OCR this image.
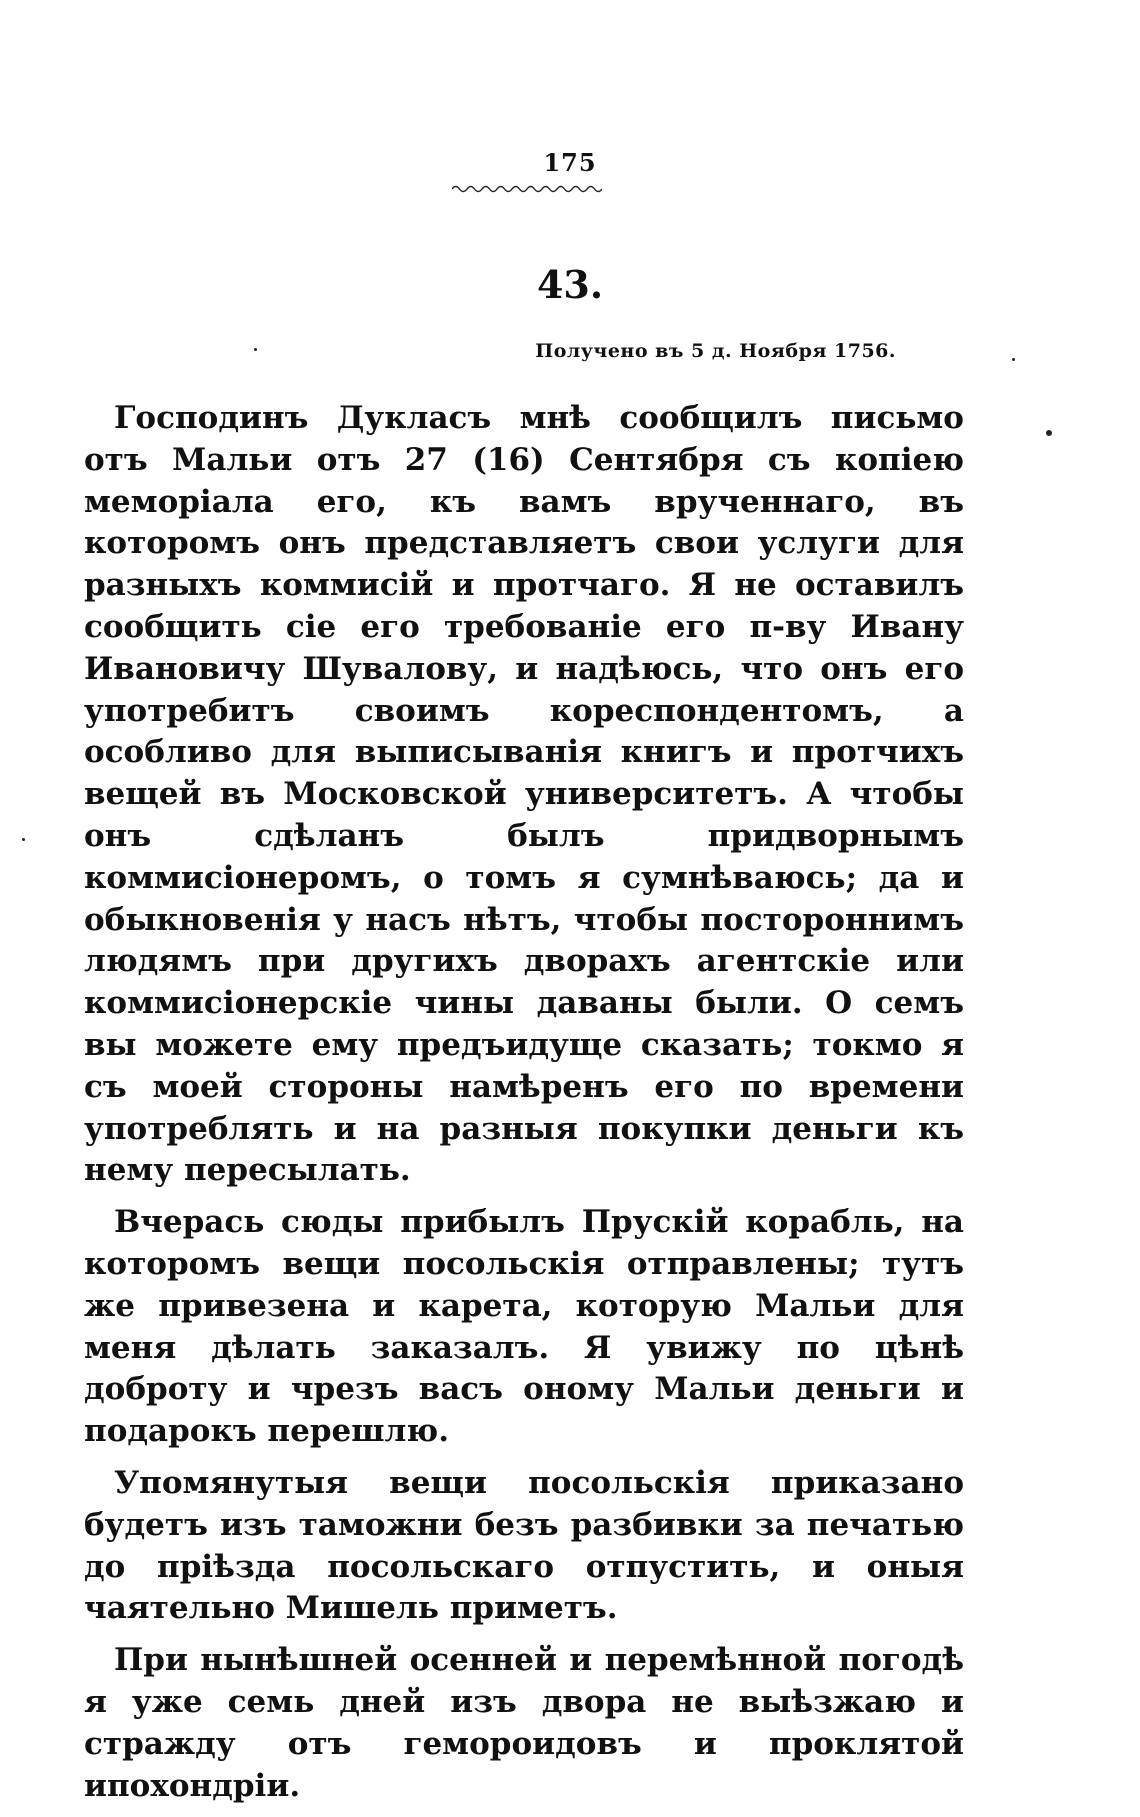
175
43.
Получено въ 5 д. Ноября 1756.

Господинъ Дукласъ мнѣ сообщилъ письмо отъ Мальи отъ 27 (16) Сентября съ копіею меморіала его, къ вамъ врученнаго, въ которомъ онъ представляетъ свои услуги для разныхъ коммисій и протчаго. Я не оставилъ сообщить сіе его требованіе его п-ву Ивану Ивановичу Шувалову, и надѣюсь, что онъ его употребитъ своимъ кореспондентомъ, а особливо для выписыванія книгъ и протчихъ вещей въ Московской университетъ. А чтобы онъ сдѣланъ былъ придворнымъ коммисіонеромъ, о томъ я сумнѣваюсь; да и обыкновенія у насъ нѣтъ, чтобы постороннимъ людямъ при другихъ дворахъ агентскіе или коммисіонерскіе чины даваны были. О семъ вы можете ему предъидуще сказать; токмо я съ моей стороны намѣренъ его по времени употреблять и на разныя покупки деньги къ нему пересылать.

Вчерась сюды прибылъ Прускій корабль, на которомъ вещи посольскія отправлены; тутъ же привезена и карета, которую Мальи для меня дѣлать заказалъ. Я увижу по цѣнѣ доброту и чрезъ васъ оному Мальи деньги и подарокъ перешлю.

Упомянутыя вещи посольскія приказано будетъ изъ таможни безъ разбивки за печатью до пріѣзда посольскаго отпустить, и оныя чаятельно Мишель приметъ.

При нынѣшней осенней и перемѣнной погодѣ я уже семь дней изъ двора не выѣзжаю и стражду отъ гемороидовъ и проклятой ипохондріи.
